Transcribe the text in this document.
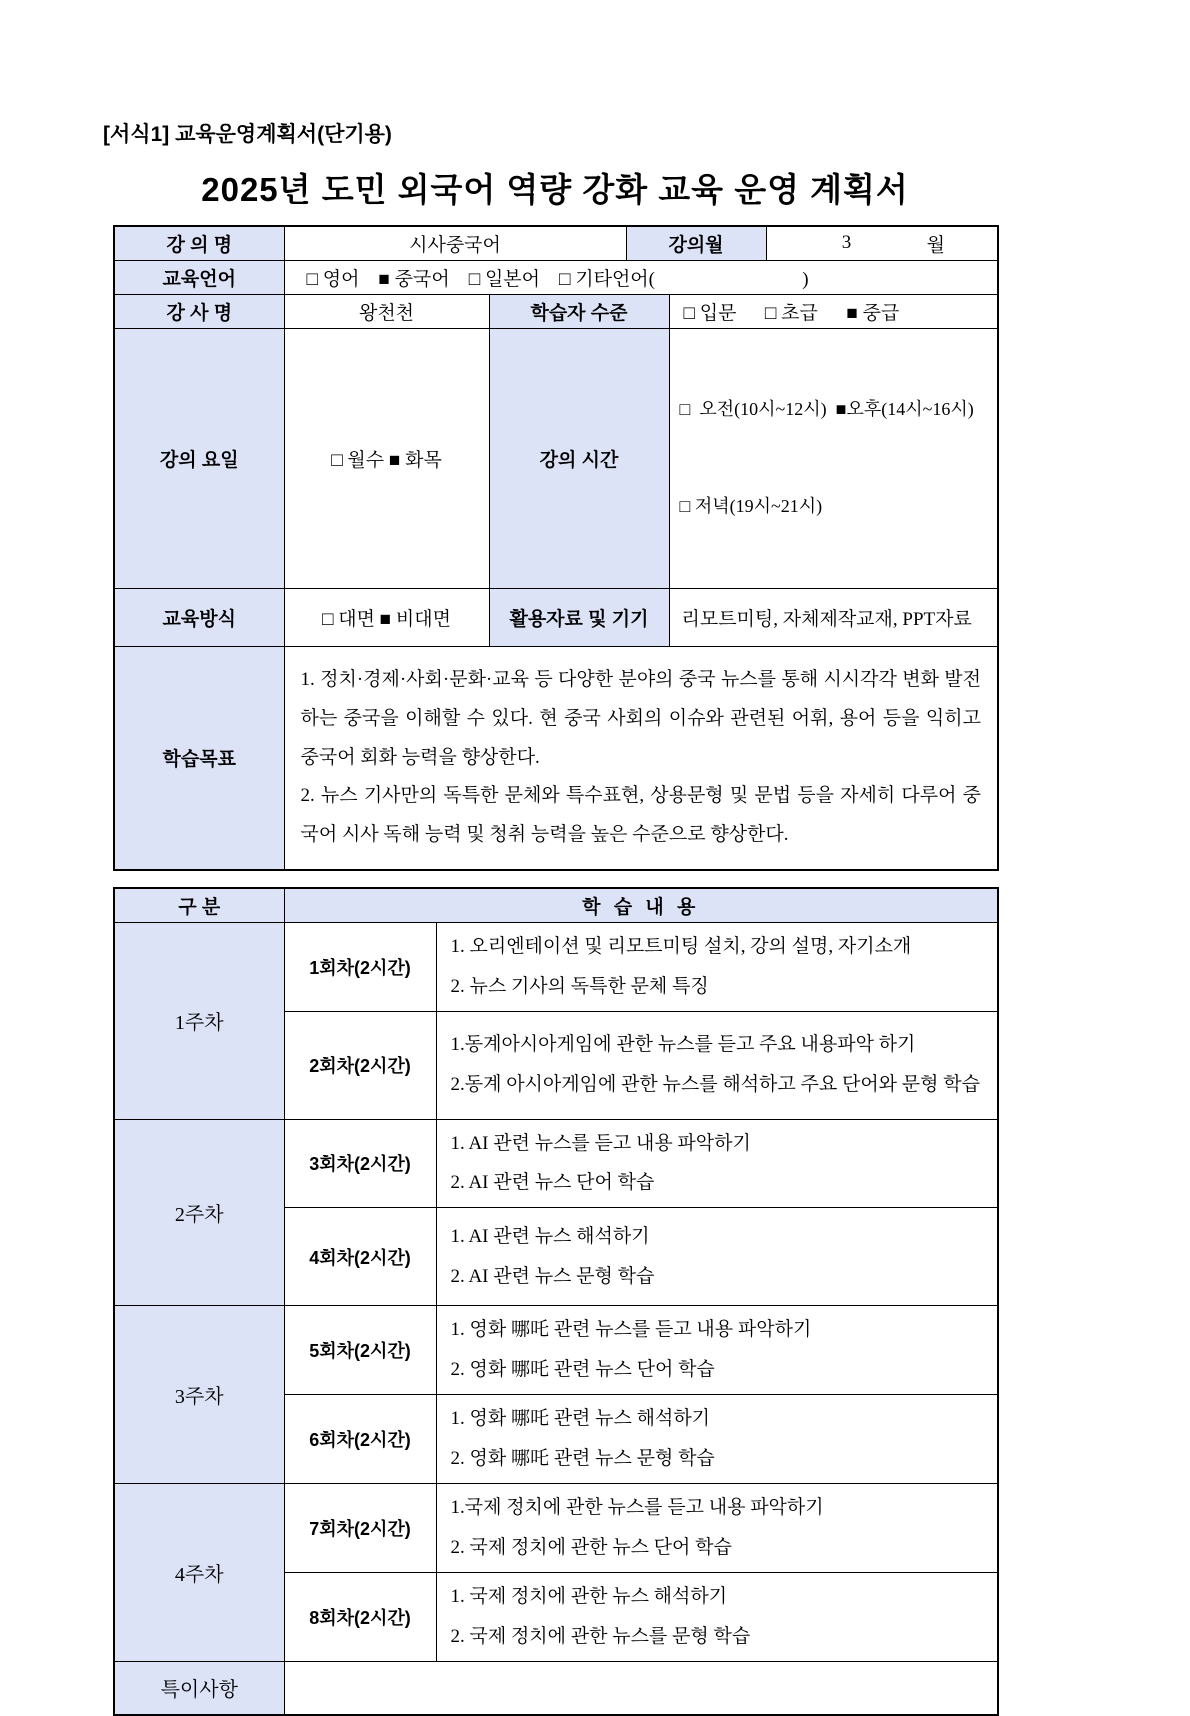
[서식1] 교육운영계획서(단기용)
2025년 도민 외국어 역량 강화 교육 운영 계획서
강 의 명	시사중국어		강의월		3 월

교육언어	□ 영어    ■ 중국어    □ 일본어    □ 기타언어(                               )				
강 사 명	왕천천	학습자 수준		□ 입문      □ 초급      ■ 중급	
강의 요일	□ 월수 ■ 화목	강의 시간		□  오전(10시~12시)  ■오후(14시~16시)

□ 저녁(19시~21시)	

교육방식	□ 대면 ■ 비대면	활용자료 및 기기		리모트미팅, 자체제작교재, PPT자료	
학습목표	1. 정치·경제·사회·문화·교육 등 다양한 분야의 중국 뉴스를 통해 시시각각 변화 발전하는 중국을 이해할 수 있다. 현 중국 사회의 이슈와 관련된 어휘, 용어 등을 익히고 중국어 회화 능력을 향상한다.

2. 뉴스 기사만의 독특한 문체와 특수표현, 상용문형 및 문법 등을 자세히 다루어 중국어 시사 독해 능력 및 청취 능력을 높은 수준으로 향상한다.				

구 분	학 습 내 용	
1주차	1회차(2시간)	1. 오리엔테이션 및 리모트미팅 설치, 강의 설명, 자기소개
2. 뉴스 기사의 독특한 문체 특징

	2회차(2시간)	1.동계아시아게임에 관한 뉴스를 듣고 주요 내용파악 하기
2.동계 아시아게임에 관한 뉴스를 해석하고 주요 단어와 문형 학습

2주차	3회차(2시간)	1. AI 관련 뉴스를 듣고 내용 파악하기
2. AI 관련 뉴스 단어 학습

	4회차(2시간)	1. AI 관련 뉴스 해석하기
2. AI 관련 뉴스 문형 학습

3주차	5회차(2시간)	1. 영화 哪吒 관련 뉴스를 듣고 내용 파악하기
2. 영화 哪吒 관련 뉴스 단어 학습

	6회차(2시간)	1. 영화 哪吒 관련 뉴스 해석하기
2. 영화 哪吒 관련 뉴스 문형 학습

4주차	7회차(2시간)	1.국제 정치에 관한 뉴스를 듣고 내용 파악하기
2. 국제 정치에 관한 뉴스 단어 학습

	8회차(2시간)	1. 국제 정치에 관한 뉴스 해석하기
2. 국제 정치에 관한 뉴스를 문형 학습

특이사항		
